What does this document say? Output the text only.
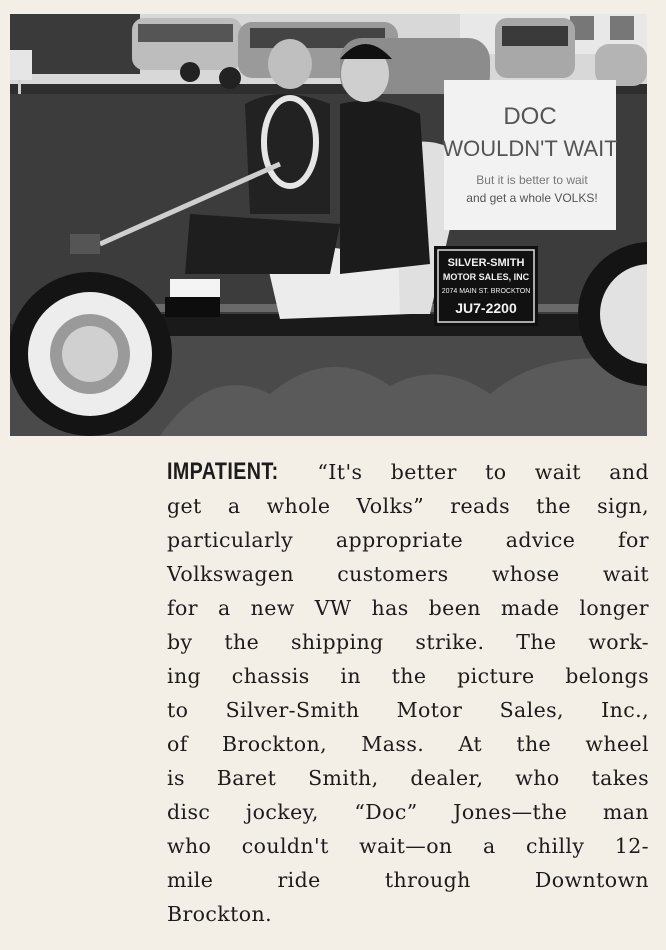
DOC
WOULDN'T WAIT
But it is better to wait
and get a whole VOLKS!
SILVER-SMITH
MOTOR SALES, INC
2074 MAIN ST. BROCKTON
JU7-2200
IMPATIENT: “It's better to wait and
get a whole Volks” reads the sign,
particularly appropriate advice for
Volkswagen customers whose wait
for a new VW has been made longer
by the shipping strike. The work-
ing chassis in the picture belongs
to Silver-Smith Motor Sales, Inc.,
of Brockton, Mass. At the wheel
is Baret Smith, dealer, who takes
disc jockey, “Doc” Jones—the man
who couldn't wait—on a chilly 12-
mile ride through Downtown
Brockton.
